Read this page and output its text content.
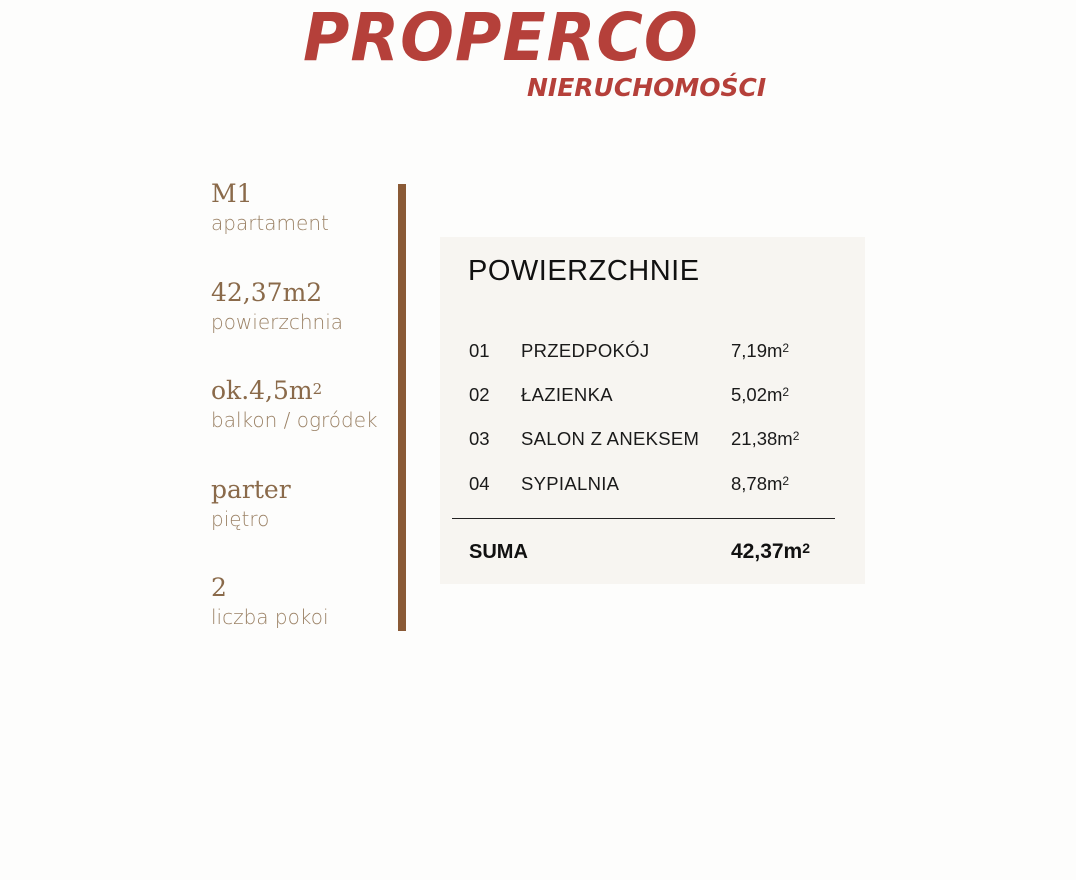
PROPERCO
NIERUCHOMOŚCI
M1
apartament
42,37m2
powierzchnia
$ok.4,5m^2$
balkon / ogródek
parter
piętro
2
liczba pokoi
POWIERZCHNIE
01 PRZEDPOKÓJ	$7,19m^2$
02 ŁAZIENKA	$5,02m^2$
03 SALON Z ANEKSEM $21,38m^2$
04 SYPIALNIA	$8,78m^2$
SUMA	$42,37m^2$
